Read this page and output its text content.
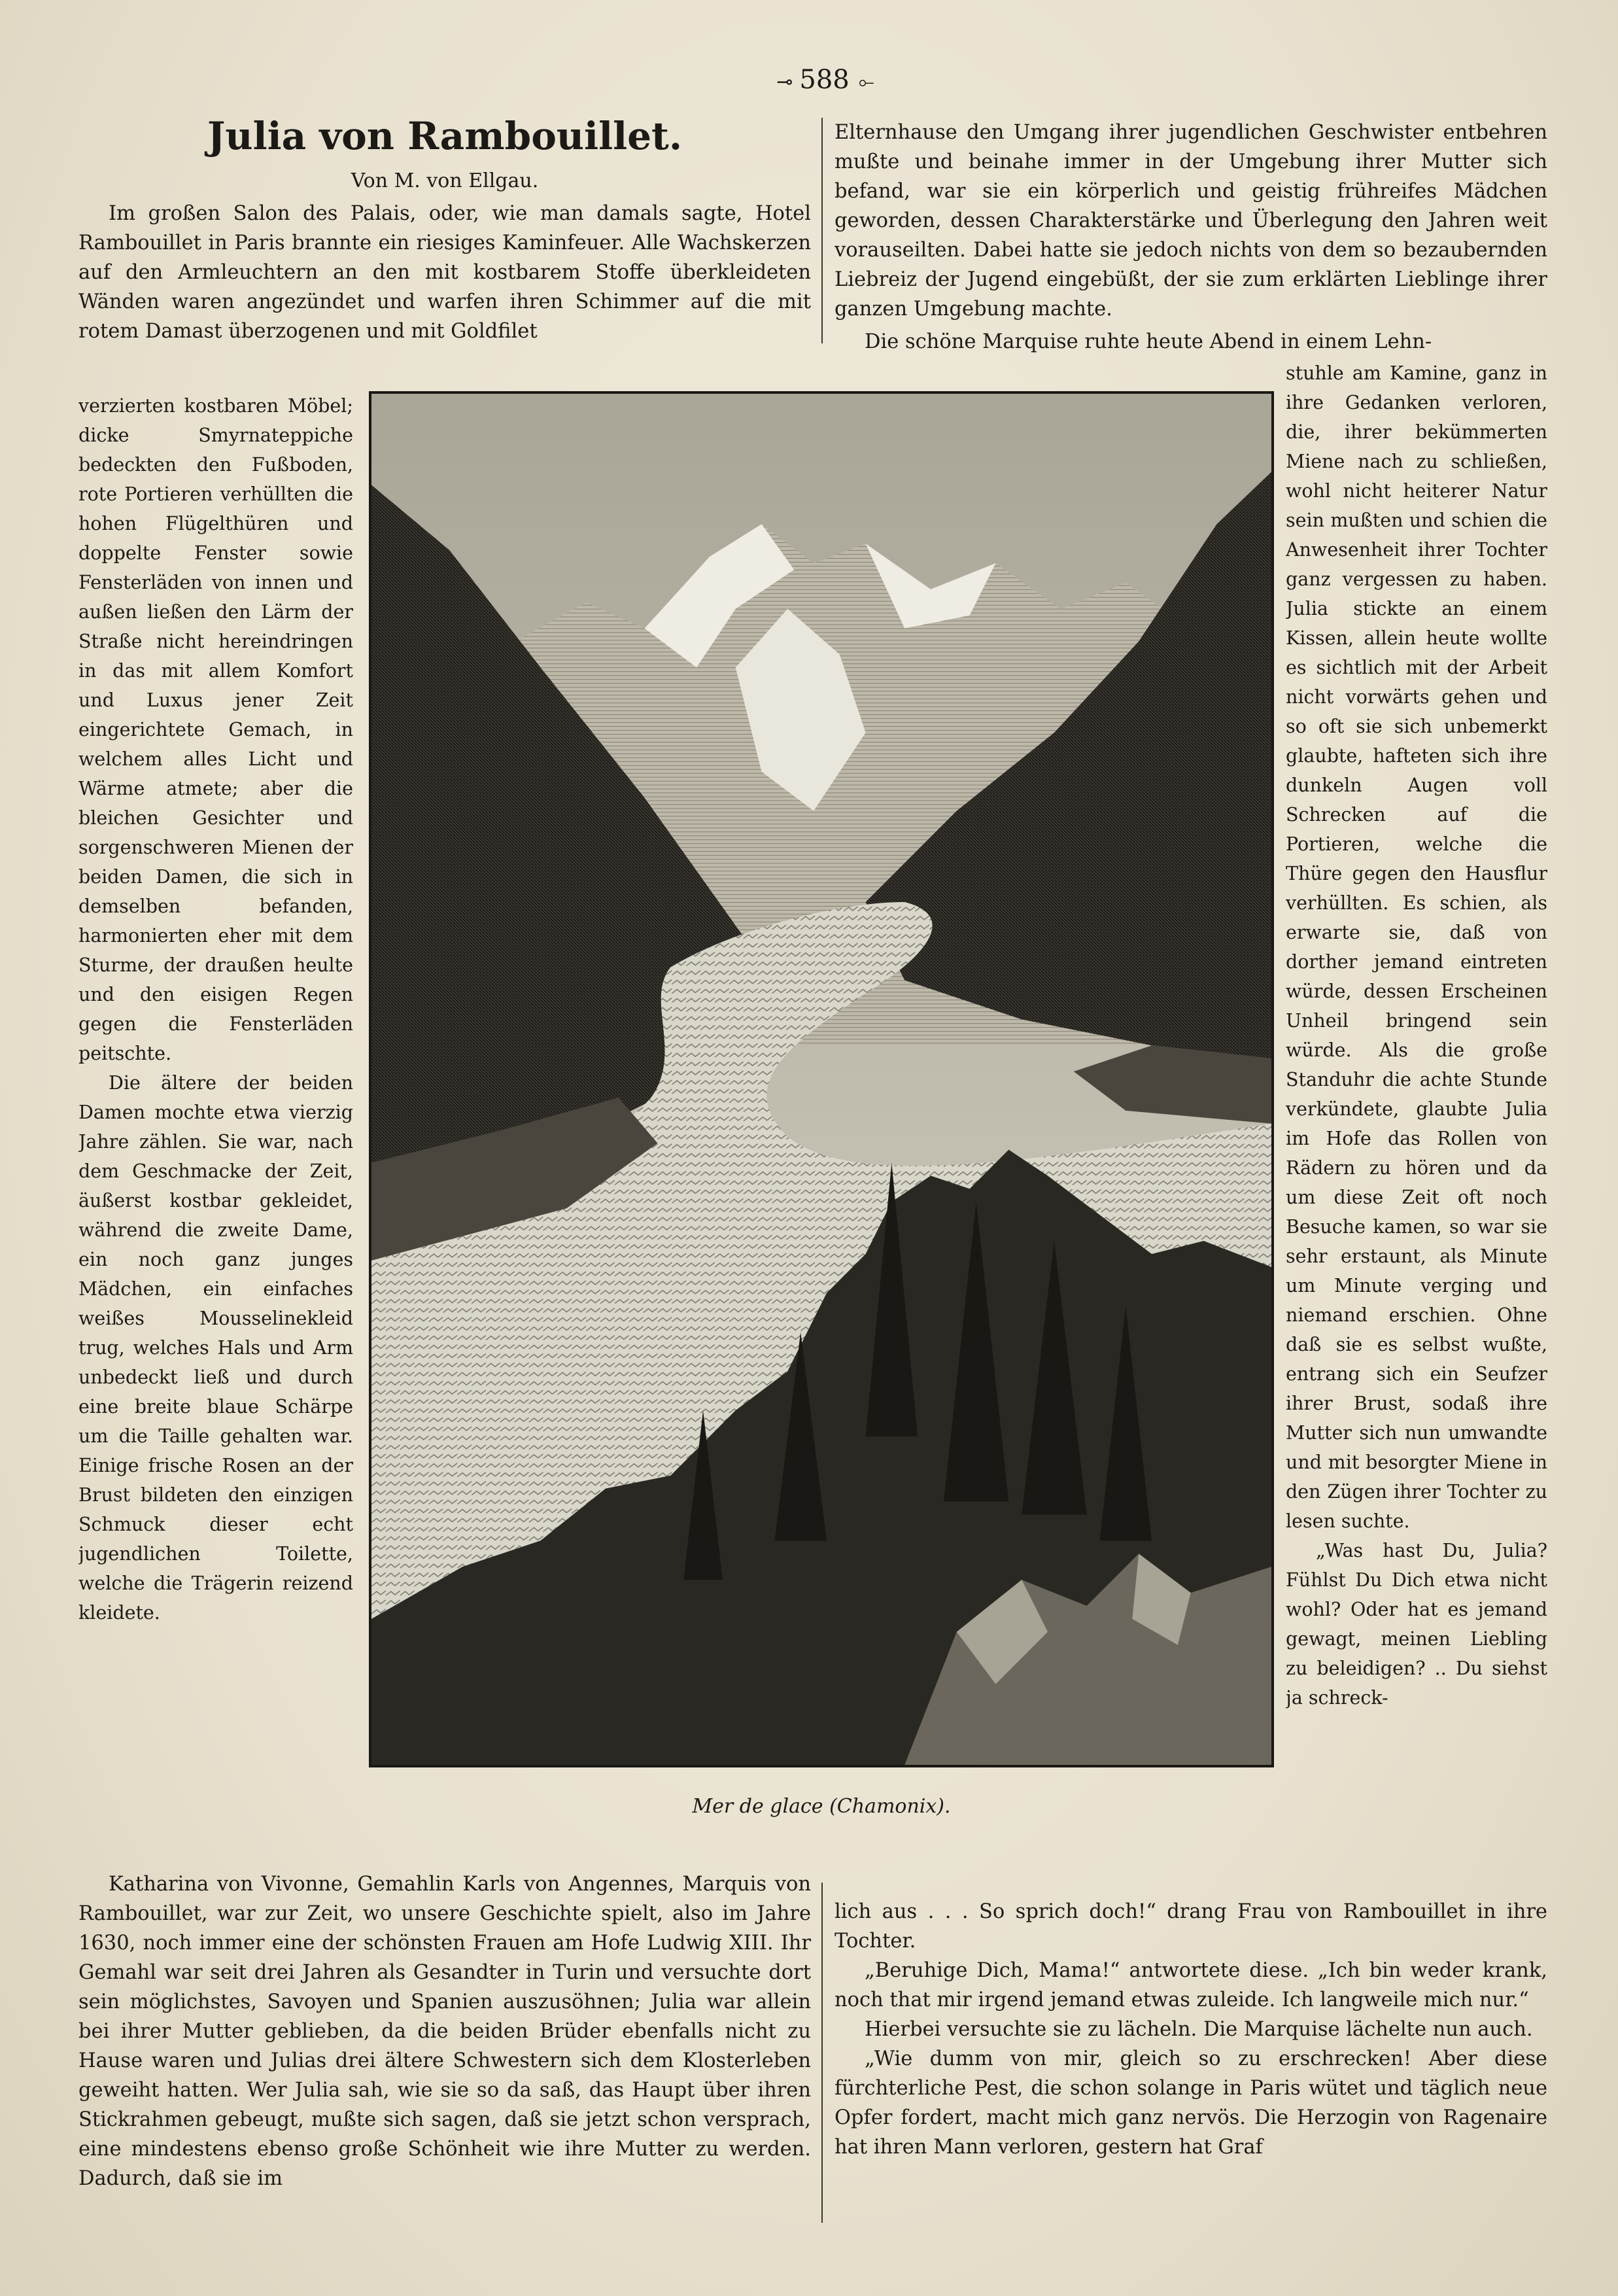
⊸ 588 ⟜
Julia von Rambouillet.
Von M. von Ellgau.

Im großen Salon des Palais, oder, wie man damals sagte, Hotel Rambouillet in Paris brannte ein riesiges Kaminfeuer. Alle Wachskerzen auf den Armleuchtern an den mit kostbarem Stoffe überkleideten Wänden waren angezündet und warfen ihren Schimmer auf die mit rotem Damast überzogenen und mit Goldfilet

Elternhause den Umgang ihrer jugendlichen Geschwister entbehren mußte und beinahe immer in der Umgebung ihrer Mutter sich befand, war sie ein körperlich und geistig frühreifes Mädchen geworden, dessen Charakterstärke und Überlegung den Jahren weit vorauseilten. Dabei hatte sie jedoch nichts von dem so bezaubernden Liebreiz der Jugend eingebüßt, der sie zum erklärten Lieblinge ihrer ganzen Umgebung machte.

Die schöne Marquise ruhte heute Abend in einem Lehn-

verzierten kostbaren Möbel; dicke Smyrnateppiche bedeckten den Fußboden, rote Portieren verhüllten die hohen Flügelthüren und doppelte Fenster sowie Fensterläden von innen und außen ließen den Lärm der Straße nicht hereindringen in das mit allem Komfort und Luxus jener Zeit eingerichtete Gemach, in welchem alles Licht und Wärme atmete; aber die bleichen Gesichter und sorgenschweren Mienen der beiden Damen, die sich in demselben befanden, harmonierten eher mit dem Sturme, der draußen heulte und den eisigen Regen gegen die Fensterläden peitschte.

Die ältere der beiden Damen mochte etwa vierzig Jahre zählen. Sie war, nach dem Geschmacke der Zeit, äußerst kostbar gekleidet, während die zweite Dame, ein noch ganz junges Mädchen, ein einfaches weißes Mousselinekleid trug, welches Hals und Arm unbedeckt ließ und durch eine breite blaue Schärpe um die Taille gehalten war. Einige frische Rosen an der Brust bildeten den einzigen Schmuck dieser echt jugendlichen Toilette, welche die Trägerin reizend kleidete.

stuhle am Kamine, ganz in ihre Gedanken verloren, die, ihrer bekümmerten Miene nach zu schließen, wohl nicht heiterer Natur sein mußten und schien die Anwesenheit ihrer Tochter ganz vergessen zu haben. Julia stickte an einem Kissen, allein heute wollte es sichtlich mit der Arbeit nicht vorwärts gehen und so oft sie sich unbemerkt glaubte, hafteten sich ihre dunkeln Augen voll Schrecken auf die Portieren, welche die Thüre gegen den Hausflur verhüllten. Es schien, als erwarte sie, daß von dorther jemand eintreten würde, dessen Erscheinen Unheil bringend sein würde. Als die große Standuhr die achte Stunde verkündete, glaubte Julia im Hofe das Rollen von Rädern zu hören und da um diese Zeit oft noch Besuche kamen, so war sie sehr erstaunt, als Minute um Minute verging und niemand erschien. Ohne daß sie es selbst wußte, entrang sich ein Seufzer ihrer Brust, sodaß ihre Mutter sich nun umwandte und mit besorgter Miene in den Zügen ihrer Tochter zu lesen suchte.

„Was hast Du, Julia? Fühlst Du Dich etwa nicht wohl? Oder hat es jemand gewagt, meinen Liebling zu beleidigen? .. Du siehst ja schreck-

Mer de glace (Chamonix).

Katharina von Vivonne, Gemahlin Karls von Angennes, Marquis von Rambouillet, war zur Zeit, wo unsere Geschichte spielt, also im Jahre 1630, noch immer eine der schönsten Frauen am Hofe Ludwig XIII. Ihr Gemahl war seit drei Jahren als Gesandter in Turin und versuchte dort sein möglichstes, Savoyen und Spanien auszusöhnen; Julia war allein bei ihrer Mutter geblieben, da die beiden Brüder ebenfalls nicht zu Hause waren und Julias drei ältere Schwestern sich dem Klosterleben geweiht hatten. Wer Julia sah, wie sie so da saß, das Haupt über ihren Stickrahmen gebeugt, mußte sich sagen, daß sie jetzt schon versprach, eine mindestens ebenso große Schönheit wie ihre Mutter zu werden. Dadurch, daß sie im

lich aus . . . So sprich doch!“ drang Frau von Rambouillet in ihre Tochter.

„Beruhige Dich, Mama!“ antwortete diese. „Ich bin weder krank, noch that mir irgend jemand etwas zuleide. Ich langweile mich nur.“

Hierbei versuchte sie zu lächeln. Die Marquise lächelte nun auch.

„Wie dumm von mir, gleich so zu erschrecken! Aber diese fürchterliche Pest, die schon solange in Paris wütet und täglich neue Opfer fordert, macht mich ganz nervös. Die Herzogin von Ragenaire hat ihren Mann verloren, gestern hat Graf
